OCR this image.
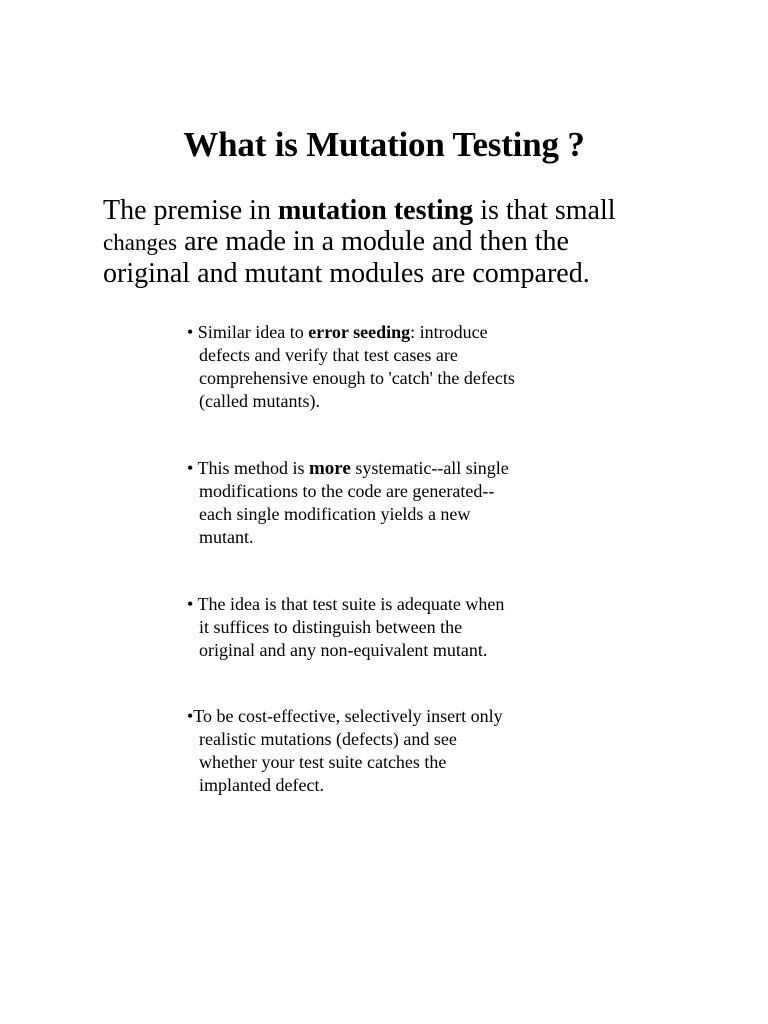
What is Mutation Testing ?
The premise in mutation testing is that small
changes are made in a module and then the
original and mutant modules are compared.
• Similar idea to error seeding: introduce
defects and verify that test cases are
comprehensive enough to 'catch' the defects
(called mutants).
• This method is more systematic--all single
modifications to the code are generated--
each single modification yields a new
mutant.
• The idea is that test suite is adequate when
it suffices to distinguish between the
original and any non-equivalent mutant.
•To be cost-effective, selectively insert only
realistic mutations (defects) and see
whether your test suite catches the
implanted defect.
